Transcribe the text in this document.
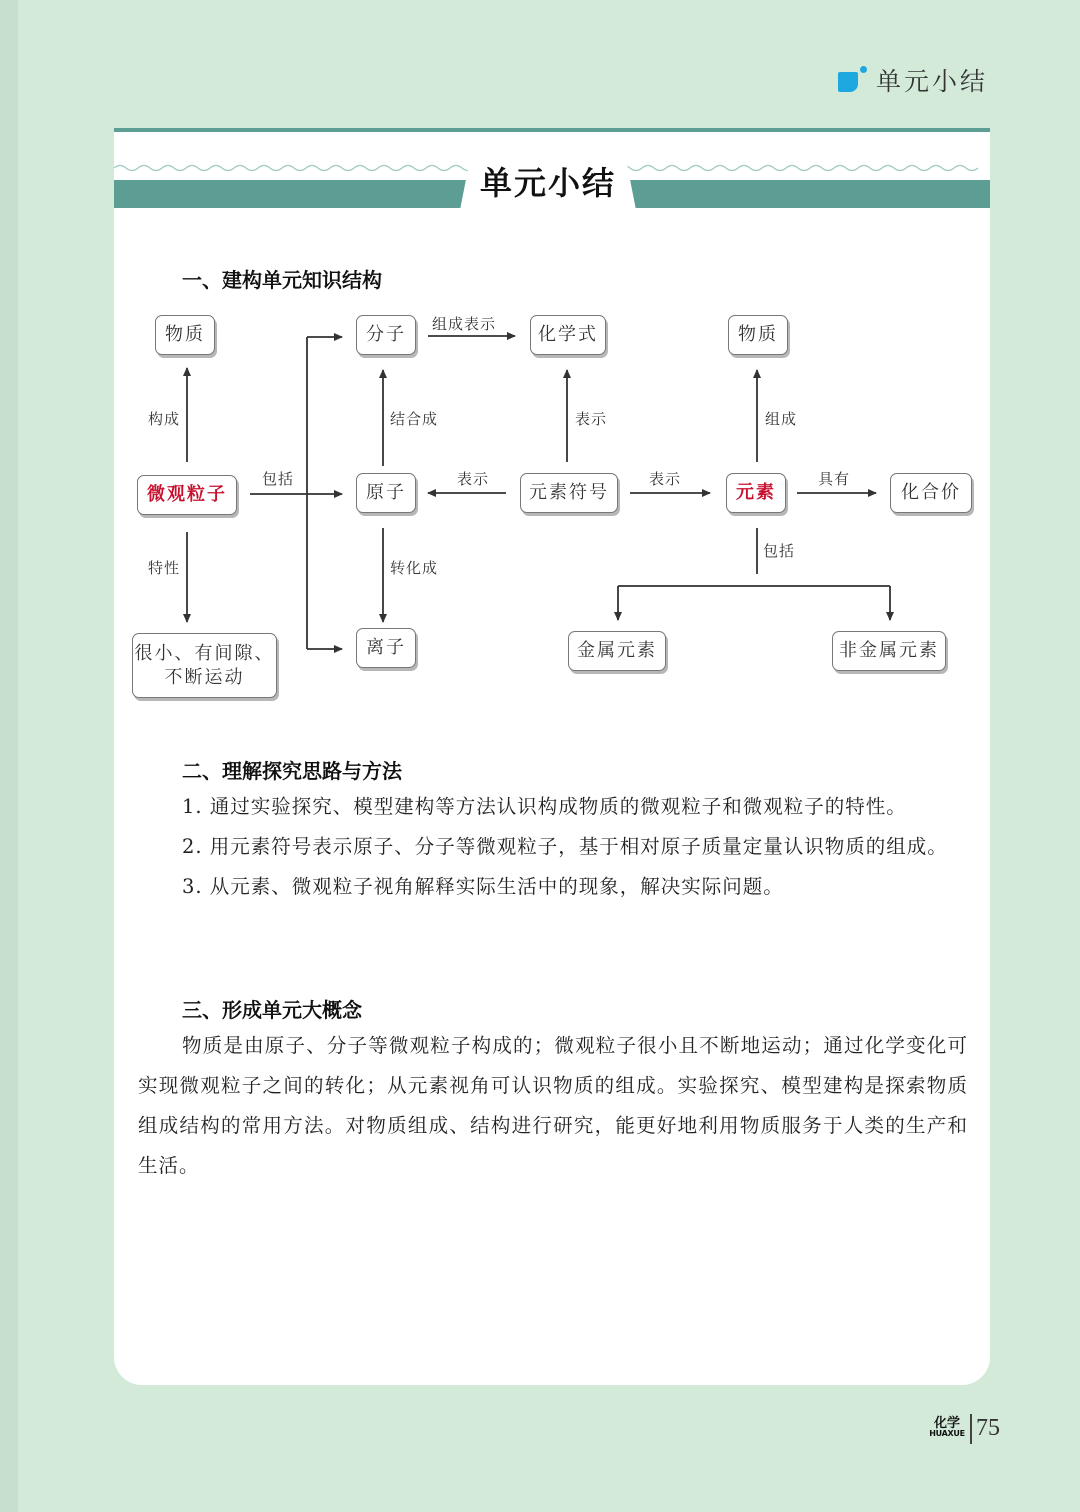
单元小结
单元小结
一、建构单元知识结构
物质
微观粒子
很小、有间隙、
不断运动
分子
原子
离子
化学式
元素符号
物质
元素	化合价
金属元素	非金属元素
构成
特性
包括
组成表示
结合成
转化成
表示
表示
表示
组成
具有
包括
二、理解探究思路与方法

1. 通过实验探究、模型建构等方法认识构成物质的微观粒子和微观粒子的特性。

2. 用元素符号表示原子、分子等微观粒子，基于相对原子质量定量认识物质的组成。

3. 从元素、微观粒子视角解释实际生活中的现象，解决实际问题。

三、形成单元大概念

物质是由原子、分子等微观粒子构成的；微观粒子很小且不断地运动；通过化学变化可实现微观粒子之间的转化；从元素视角可认识物质的组成。实验探究、模型建构是探索物质组成结构的常用方法。对物质组成、结构进行研究，能更好地利用物质服务于人类的生产和生活。

化学
HUAXUE 75
